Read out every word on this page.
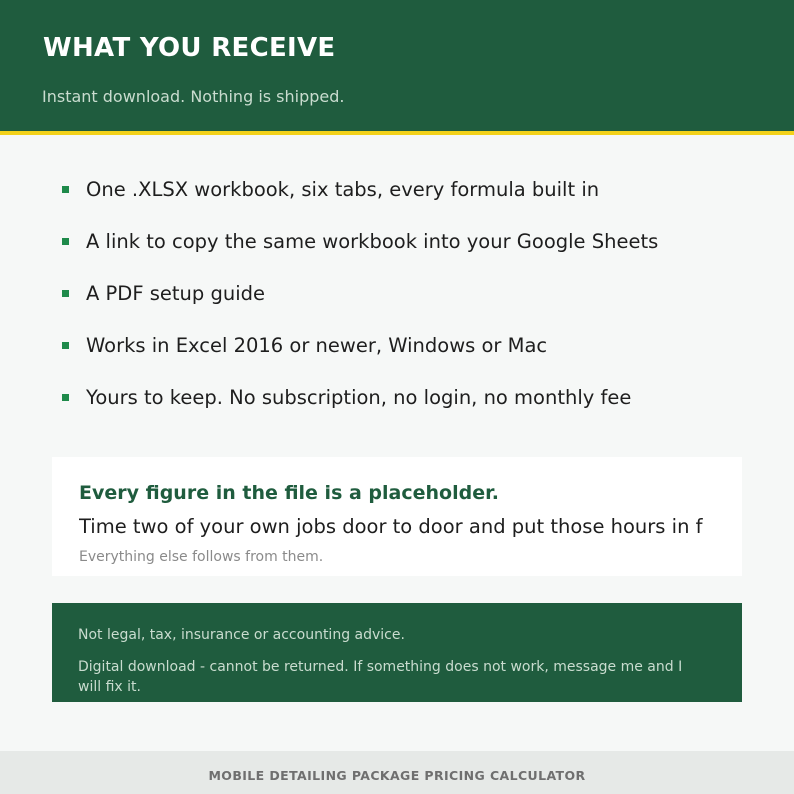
WHAT YOU RECEIVE
Instant download. Nothing is shipped.
One .XLSX workbook, six tabs, every formula built in
A link to copy the same workbook into your Google Sheets
A PDF setup guide
Works in Excel 2016 or newer, Windows or Mac
Yours to keep. No subscription, no login, no monthly fee
Every figure in the file is a placeholder.
Time two of your own jobs door to door and put those hours in f
Everything else follows from them.
Not legal, tax, insurance or accounting advice.
Digital download - cannot be returned. If something does not work, message me and I will fix it.
MOBILE DETAILING PACKAGE PRICING CALCULATOR
